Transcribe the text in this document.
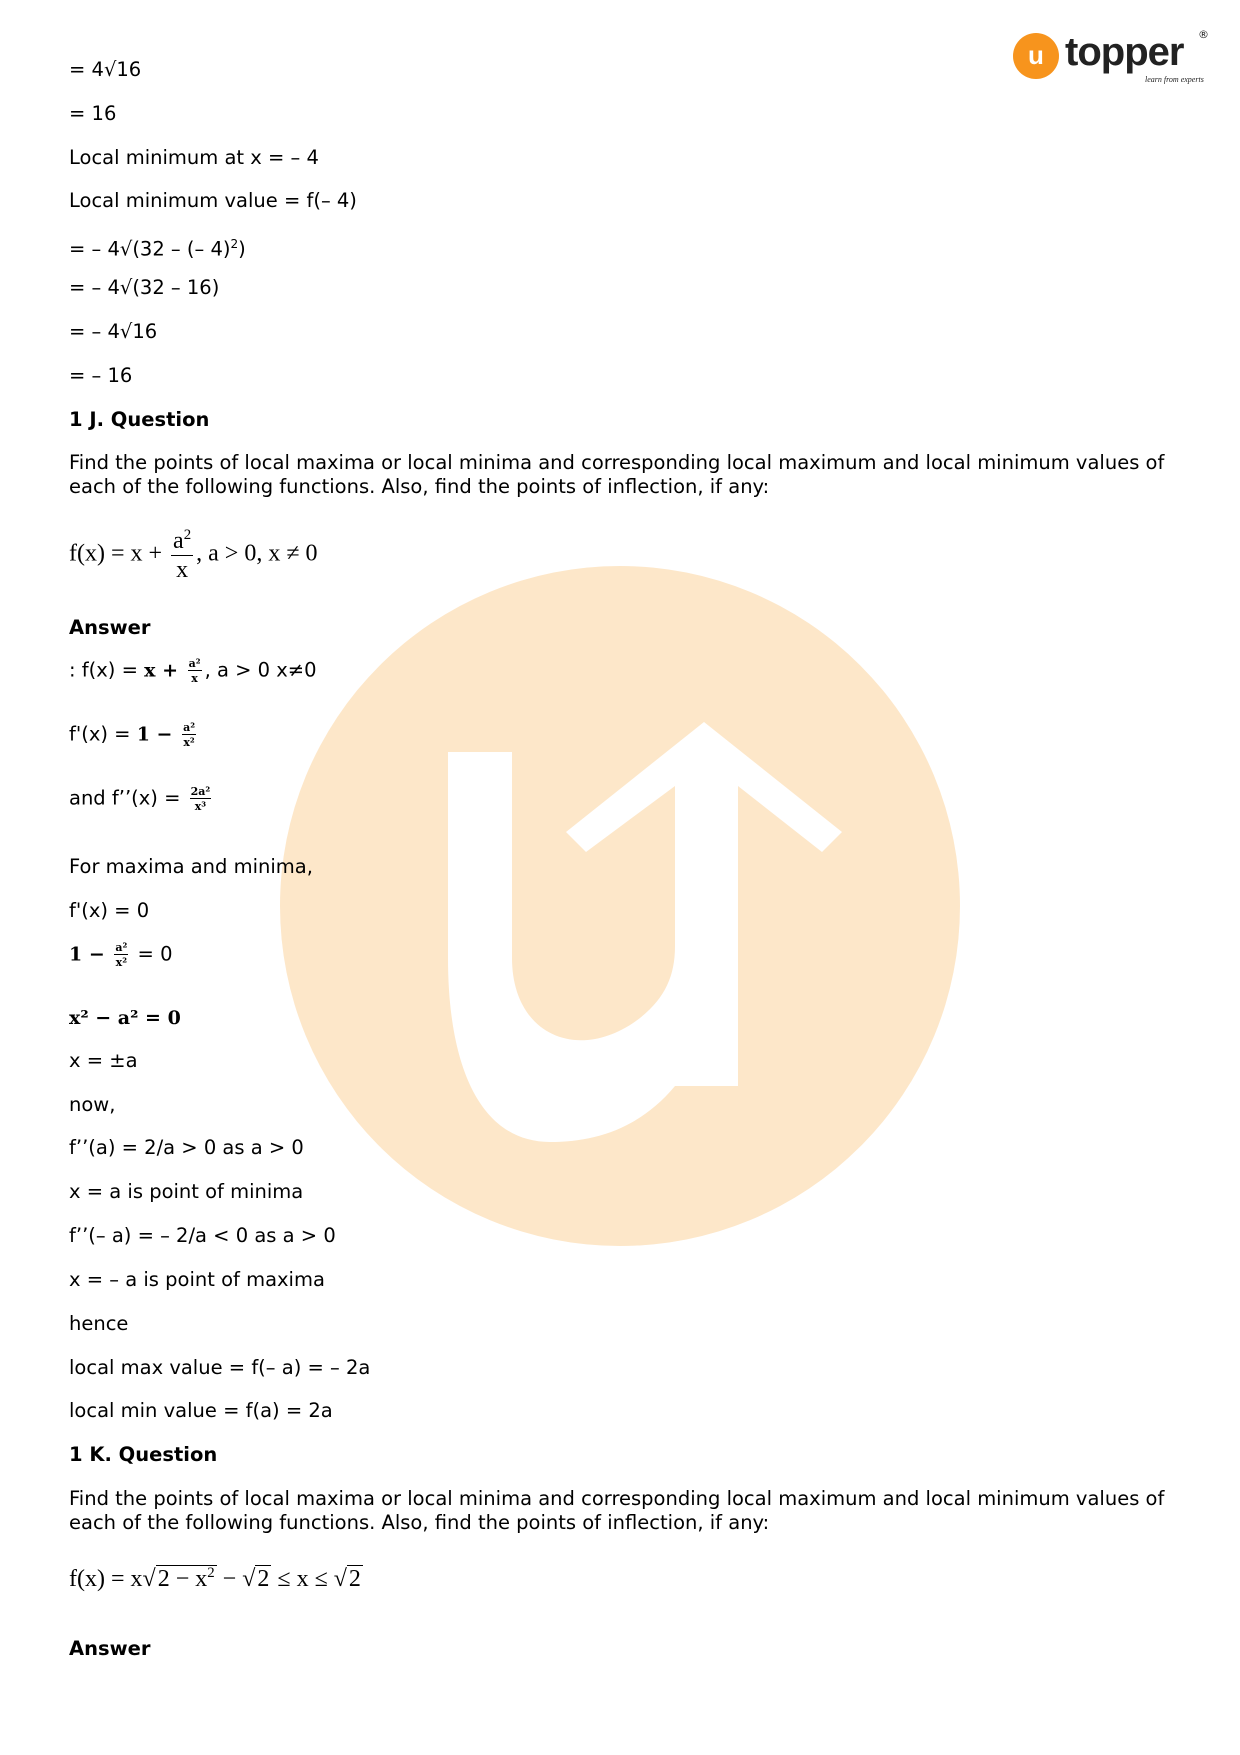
u topper ®
learn from experts
= 4√16
= 16
Local minimum at x = – 4
Local minimum value = f(– 4)
= – 4√(32 – (– 4)$^2$)
= – 4√(32 – 16)
= – 4√16
= – 16
1 J. Question
Find the points of local maxima or local minima and corresponding local maximum and local minimum values of each of the following functions. Also, find the points of inflection, if any:
$f(x) = x + \frac{a^2}{x}$ , a > 0, x ≠ 0
Answer
: $f(x) = x + \frac{\text{a²}}{x}$ , a > 0 x≠0
$f'(x) = 1 - \frac{\text{a²}}{\text{x²}}$
and f’’(x) = $\frac{\text{2a²}}{\text{x³}}$
For maxima and minima,
f'(x) = 0
$1 - \frac{\text{a²}}{\text{x²}} = 0$
x² − a² = 0
x = ±a
now,
f’’(a) = 2/a > 0 as a > 0
x = a is point of minima
f’’(– a) = – 2/a < 0 as a > 0
x = – a is point of maxima
hence
local max value = f(– a) = – 2a
local min value = f(a) = 2a
1 K. Question
Find the points of local maxima or local minima and corresponding local maximum and local minimum values of each of the following functions. Also, find the points of inflection, if any:
$f(x) = x√2 - x^2 - √2 \le x \le √2$
Answer
